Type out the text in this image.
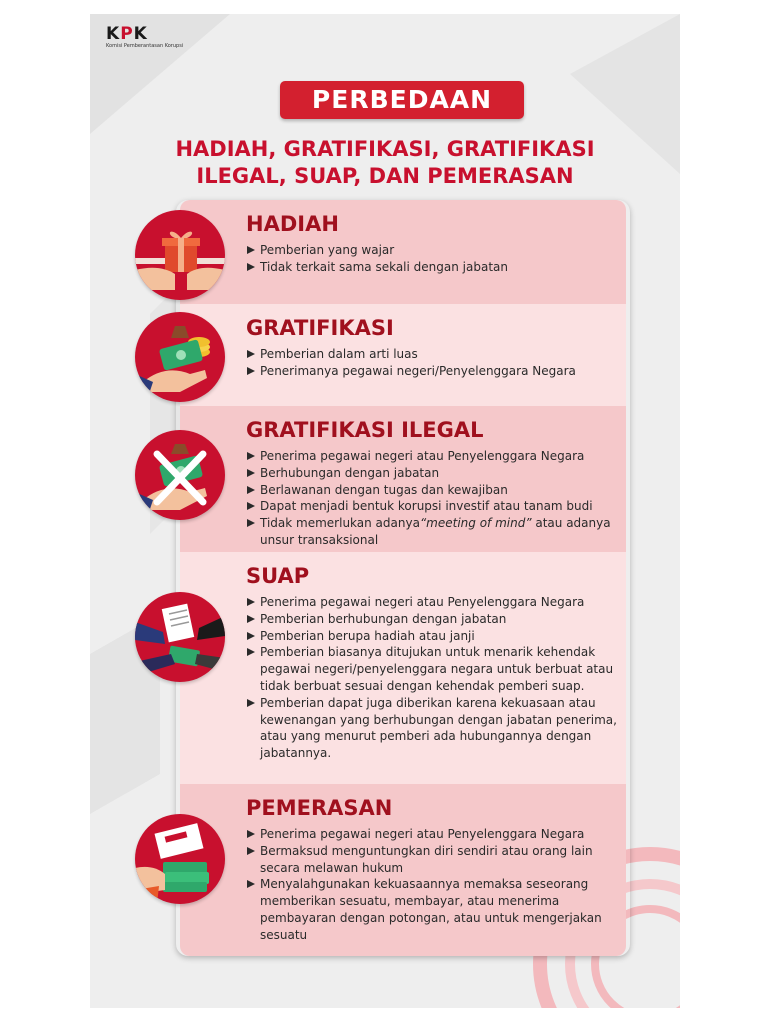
KPK
Komisi Pemberantasan Korupsi
PERBEDAAN
HADIAH, GRATIFIKASI, GRATIFIKASI
ILEGAL, SUAP, DAN PEMERASAN
HADIAH
Pemberian yang wajar
Tidak terkait sama sekali dengan jabatan
GRATIFIKASI
Pemberian dalam arti luas
Penerimanya pegawai negeri/Penyelenggara Negara
GRATIFIKASI ILEGAL
Penerima pegawai negeri atau Penyelenggara Negara
Berhubungan dengan jabatan
Berlawanan dengan tugas dan kewajiban
Dapat menjadi bentuk korupsi investif atau tanam budi
Tidak memerlukan adanya“meeting of mind” atau adanya unsur transaksional
SUAP
Penerima pegawai negeri atau Penyelenggara Negara
Pemberian berhubungan dengan jabatan
Pemberian berupa hadiah atau janji
Pemberian biasanya ditujukan untuk menarik kehendak pegawai negeri/penyelenggara negara untuk berbuat atau tidak berbuat sesuai dengan kehendak pemberi suap.
Pemberian dapat juga diberikan karena kekuasaan atau kewenangan yang berhubungan dengan jabatan penerima, atau yang menurut pemberi ada hubungannya dengan jabatannya.
PEMERASAN
Penerima pegawai negeri atau Penyelenggara Negara
Bermaksud menguntungkan diri sendiri atau orang lain secara melawan hukum
Menyalahgunakan kekuasaannya memaksa seseorang memberikan sesuatu, membayar, atau menerima pembayaran dengan potongan, atau untuk mengerjakan sesuatu
